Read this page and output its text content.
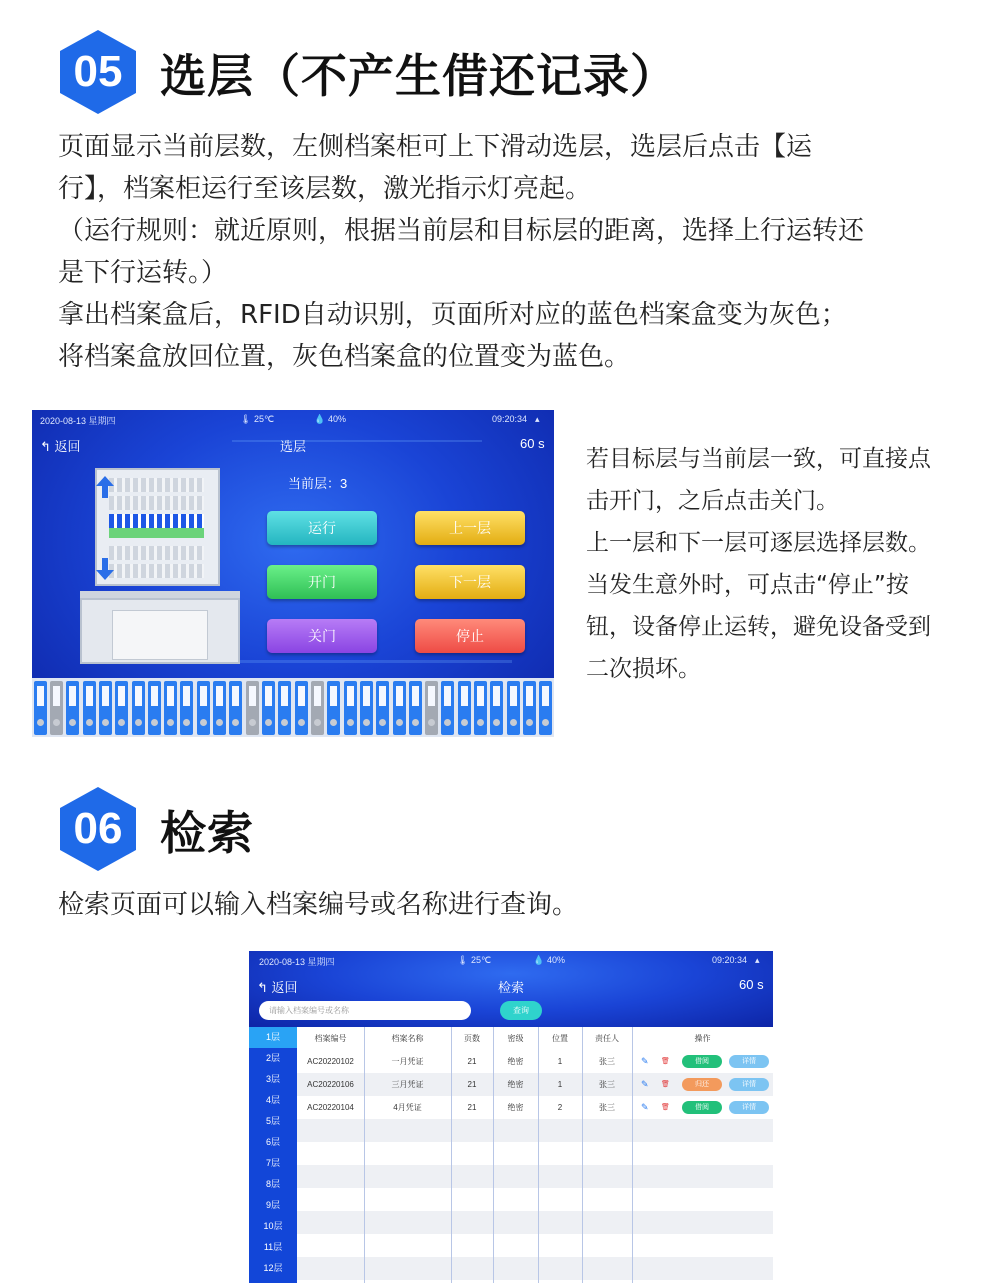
05 选层（不产生借还记录）
页面显示当前层数，左侧档案柜可上下滑动选层，选层后点击【运
行】，档案柜运行至该层数，激光指示灯亮起。
（运行规则：就近原则，根据当前层和目标层的距离，选择上行运转还
是下行运转。）
拿出档案盒后，RFID自动识别，页面所对应的蓝色档案盒变为灰色；
将档案盒放回位置，灰色档案盒的位置变为蓝色。
2020-08-13 星期四	🌡 25℃	💧 40%	09:20:34 ▴
↰ 返回	选层	60 s
当前层：3
运行	上一层
开门	下一层
关门	停止
若目标层与当前层一致，可直接点
击开门，之后点击关门。
上一层和下一层可逐层选择层数。
当发生意外时，可点击“停止”按
钮，设备停止运转，避免设备受到
二次损坏。
06 检索
检索页面可以输入档案编号或名称进行查询。
2020-08-13 星期四	🌡 25℃	💧 40%	09:20:34 ▴
↰ 返回	检索	60 s
请输入档案编号或名称	查询
1层
2层
3层
4层
5层
6层
7层
8层
9层
10层
11层
12层
档案编号	档案名称	页数	密级	位置	责任人	操作
AC20220102	一月凭证	21	绝密	1	张三	✎	🗑	借阅	详情
AC20220106	三月凭证	21	绝密	1	张三	✎	🗑	归还	详情
AC20220104	4月凭证	21	绝密	2	张三	✎	🗑	借阅	详情
